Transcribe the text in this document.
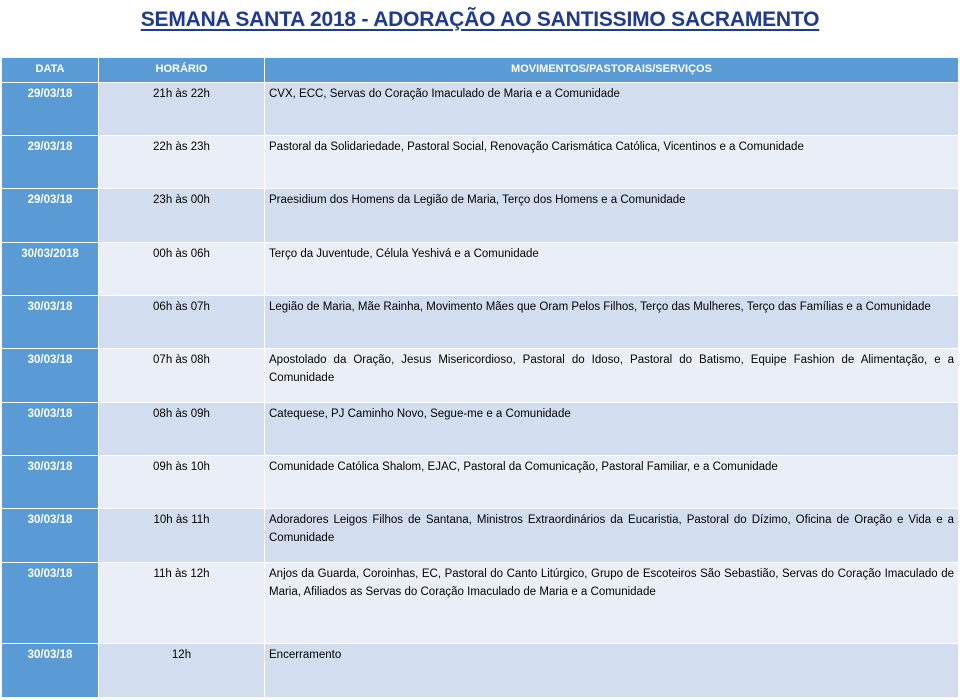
SEMANA SANTA 2018 - ADORAÇÃO AO SANTISSIMO SACRAMENTO
DATA	HORÁRIO	MOVIMENTOS/PASTORAIS/SERVIÇOS
29/03/18	21h às 22h	CVX, ECC, Servas do Coração Imaculado de Maria e a Comunidade
29/03/18	22h às 23h	Pastoral da Solidariedade, Pastoral Social, Renovação Carismática Católica, Vicentinos e a Comunidade
29/03/18	23h às 00h	Praesidium dos Homens da Legião de Maria, Terço dos Homens e a Comunidade
30/03/2018	00h às 06h	Terço da Juventude, Célula Yeshivá e a Comunidade
30/03/18	06h às 07h	Legião de Maria, Mãe Rainha, Movimento Mães que Oram Pelos Filhos, Terço das Mulheres, Terço das Famílias e a Comunidade
30/03/18	07h às 08h	Apostolado da Oração, Jesus Misericordioso, Pastoral do Idoso, Pastoral do Batismo, Equipe Fashion de Alimentação, e a Comunidade
30/03/18	08h às 09h	Catequese, PJ Caminho Novo, Segue-me e a Comunidade
30/03/18	09h às 10h	Comunidade Católica Shalom, EJAC, Pastoral da Comunicação, Pastoral Familiar, e a Comunidade
30/03/18	10h às 11h	Adoradores Leigos Filhos de Santana, Ministros Extraordinários da Eucaristia, Pastoral do Dízimo, Oficina de Oração e Vida e a Comunidade
30/03/18	11h às 12h	Anjos da Guarda, Coroinhas, EC, Pastoral do Canto Litúrgico, Grupo de Escoteiros São Sebastião, Servas do Coração Imaculado de Maria, Afiliados as Servas do Coração Imaculado de Maria e a Comunidade
30/03/18	12h	Encerramento
